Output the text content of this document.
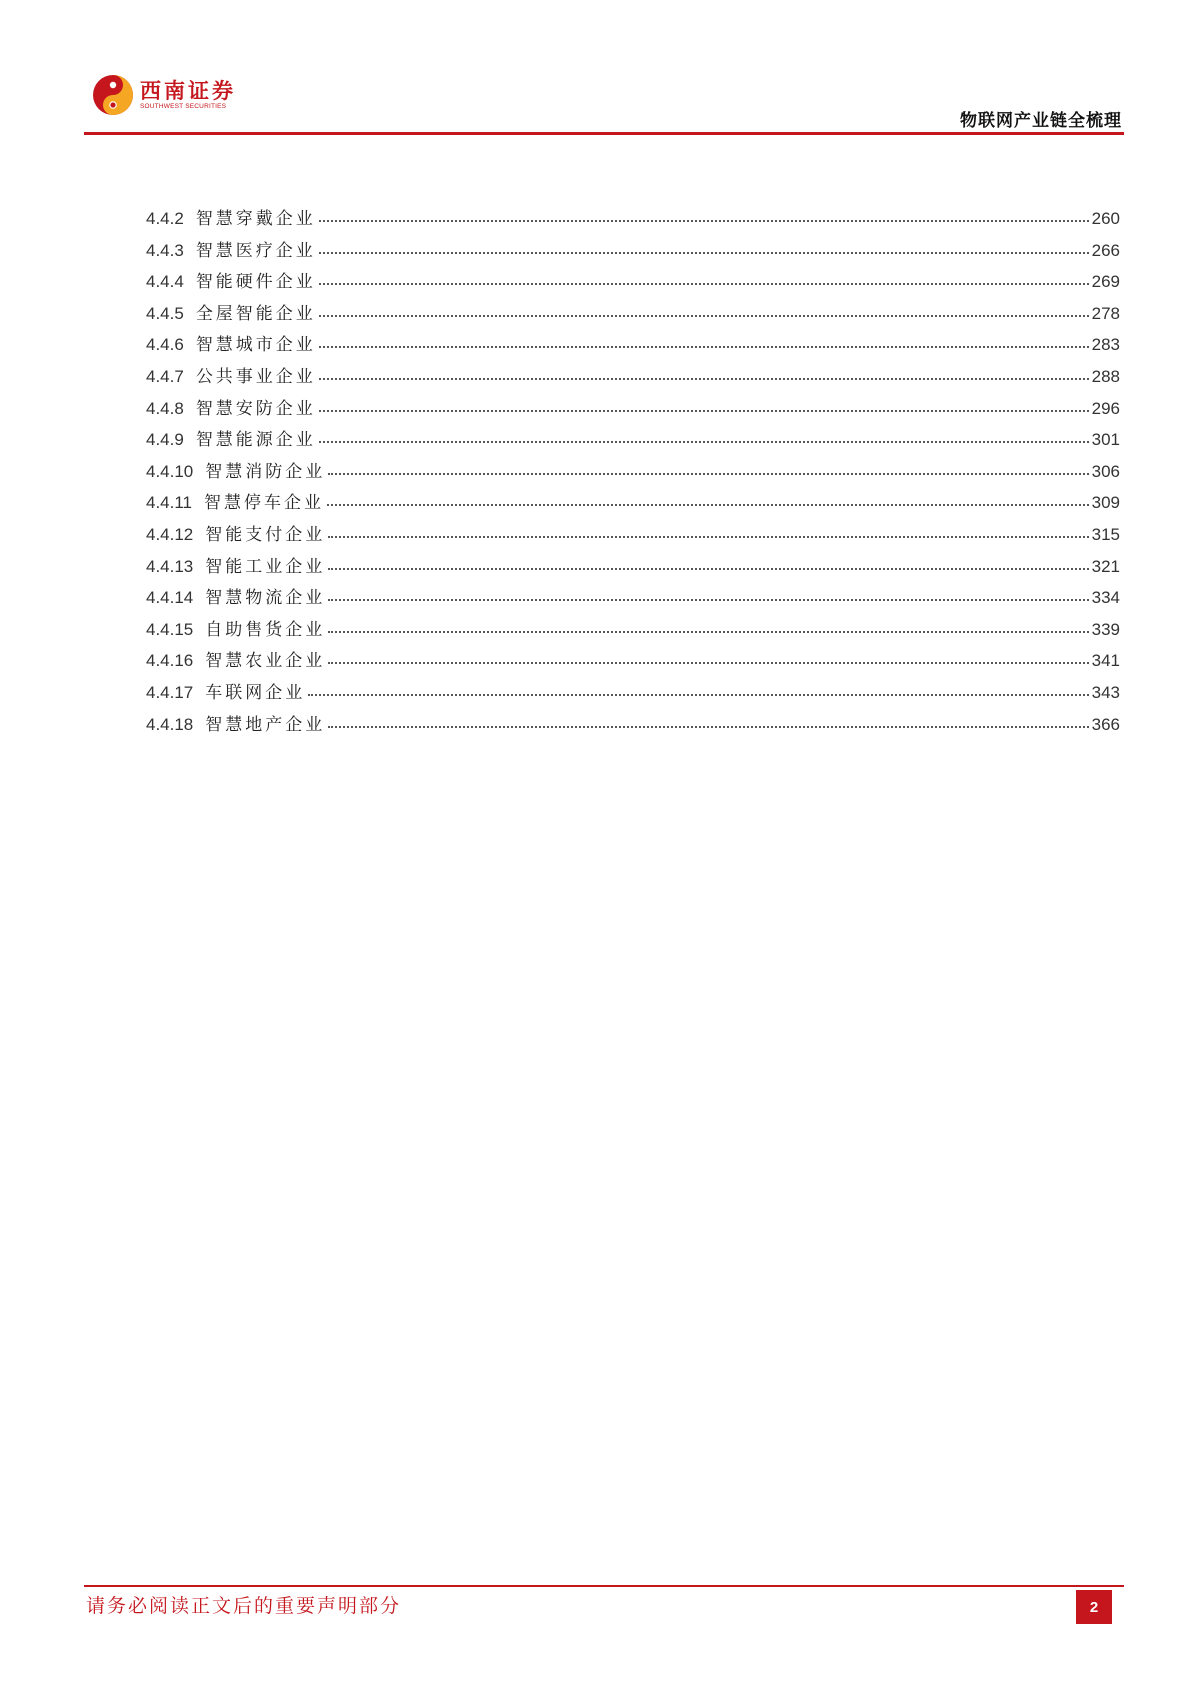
西南证券
SOUTHWEST SECURITIES
物联网产业链全梳理
4.4.2 智慧穿戴企业	260
4.4.3 智慧医疗企业	266
4.4.4 智能硬件企业	269
4.4.5 全屋智能企业	278
4.4.6 智慧城市企业	283
4.4.7 公共事业企业	288
4.4.8 智慧安防企业	296
4.4.9 智慧能源企业	301
4.4.10 智慧消防企业	306
4.4.11 智慧停车企业	309
4.4.12 智能支付企业	315
4.4.13 智能工业企业	321
4.4.14 智慧物流企业	334
4.4.15 自助售货企业	339
4.4.16 智慧农业企业	341
4.4.17 车联网企业	343
4.4.18 智慧地产企业	366
请务必阅读正文后的重要声明部分	2
